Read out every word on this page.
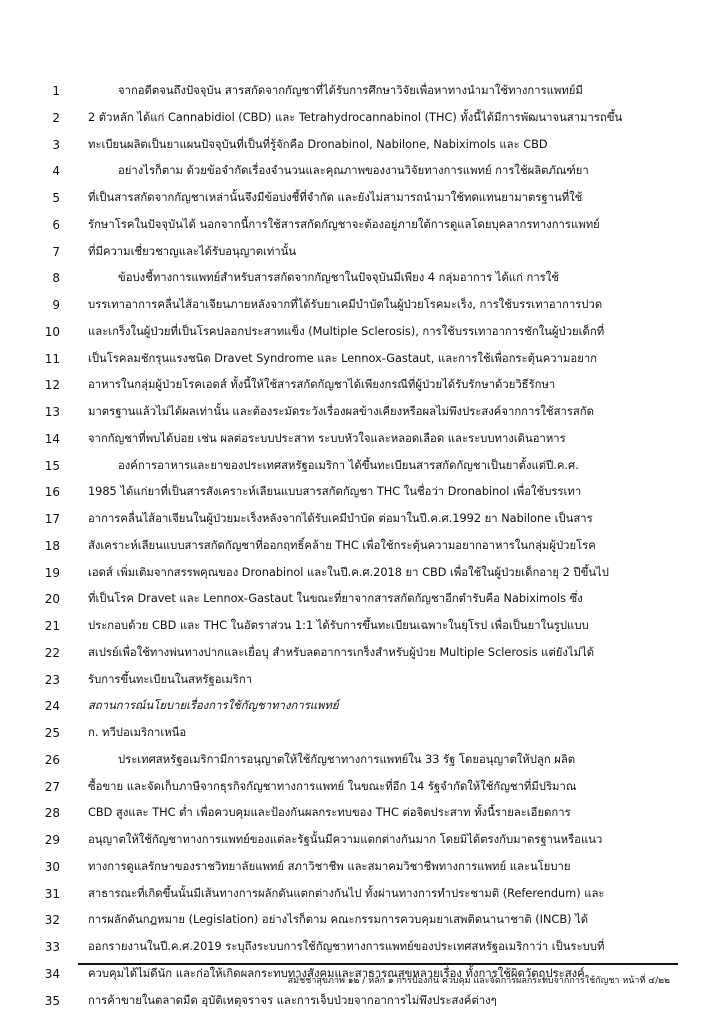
1	จากอดีตจนถึงปัจจุบัน สารสกัดจากกัญชาที่ได้รับการศึกษาวิจัยเพื่อหาทางนำมาใช้ทางการแพทย์มี
2 2 ตัวหลัก ได้แก่ Cannabidiol (CBD) และ Tetrahydrocannabinol (THC) ทั้งนี้ได้มีการพัฒนาจนสามารถขึ้น
3 ทะเบียนผลิตเป็นยาแผนปัจจุบันที่เป็นที่รู้จักคือ Dronabinol, Nabilone, Nabiximols และ CBD
4	อย่างไรก็ตาม ด้วยข้อจำกัดเรื่องจำนวนและคุณภาพของงานวิจัยทางการแพทย์ การใช้ผลิตภัณฑ์ยา
5 ที่เป็นสารสกัดจากกัญชาเหล่านั้นจึงมีข้อบ่งชี้ที่จำกัด และยังไม่สามารถนำมาใช้ทดแทนยามาตรฐานที่ใช้
6 รักษาโรคในปัจจุบันได้ นอกจากนี้การใช้สารสกัดกัญชาจะต้องอยู่ภายใต้การดูแลโดยบุคลากรทางการแพทย์
7 ที่มีความเชี่ยวชาญและได้รับอนุญาตเท่านั้น
8	ข้อบ่งชี้ทางการแพทย์สำหรับสารสกัดจากกัญชาในปัจจุบันมีเพียง 4 กลุ่มอาการ ได้แก่ การใช้
9 บรรเทาอาการคลื่นไส้อาเจียนภายหลังจากที่ได้รับยาเคมีบำบัดในผู้ป่วยโรคมะเร็ง, การใช้บรรเทาอาการปวด
10 และเกร็งในผู้ป่วยที่เป็นโรคปลอกประสาทแข็ง (Multiple Sclerosis), การใช้บรรเทาอาการชักในผู้ป่วยเด็กที่
11 เป็นโรคลมชักรุนแรงชนิด Dravet Syndrome และ Lennox-Gastaut, และการใช้เพื่อกระตุ้นความอยาก
12 อาหารในกลุ่มผู้ป่วยโรคเอดส์ ทั้งนี้ให้ใช้สารสกัดกัญชาได้เพียงกรณีที่ผู้ป่วยได้รับรักษาด้วยวิธีรักษา
13 มาตรฐานแล้วไม่ได้ผลเท่านั้น และต้องระมัดระวังเรื่องผลข้างเคียงหรือผลไม่พึงประสงค์จากการใช้สารสกัด
14 จากกัญชาที่พบได้บ่อย เช่น ผลต่อระบบประสาท ระบบหัวใจและหลอดเลือด และระบบทางเดินอาหาร
15	องค์การอาหารและยาของประเทศสหรัฐอเมริกา ได้ขึ้นทะเบียนสารสกัดกัญชาเป็นยาตั้งแต่ปี.ค.ศ.
16 1985 ได้แก่ยาที่เป็นสารสังเคราะห์เลียนแบบสารสกัดกัญชา THC ในชื่อว่า Dronabinol เพื่อใช้บรรเทา
17 อาการคลื่นไส้อาเจียนในผู้ป่วยมะเร็งหลังจากได้รับเคมีบำบัด ต่อมาในปี.ค.ศ.1992 ยา Nabilone เป็นสาร
18 สังเคราะห์เลียนแบบสารสกัดกัญชาที่ออกฤทธิ์คล้าย THC เพื่อใช้กระตุ้นความอยากอาหารในกลุ่มผู้ป่วยโรค
19 เอดส์ เพิ่มเติมจากสรรพคุณของ Dronabinol และในปี.ค.ศ.2018 ยา CBD เพื่อใช้ในผู้ป่วยเด็กอายุ 2 ปีขึ้นไป
20 ที่เป็นโรค Dravet และ Lennox-Gastaut ในขณะที่ยาจากสารสกัดกัญชาอีกตำรับคือ Nabiximols ซึ่ง
21 ประกอบด้วย CBD และ THC ในอัตราส่วน 1:1 ได้รับการขึ้นทะเบียนเฉพาะในยุโรป เพื่อเป็นยาในรูปแบบ
22 สเปรย์เพื่อใช้ทางพ่นทางปากและเยื่อบุ สำหรับลดอาการเกร็งสำหรับผู้ป่วย Multiple Sclerosis แต่ยังไม่ได้
23 รับการขึ้นทะเบียนในสหรัฐอเมริกา
24 สถานการณ์นโยบายเรื่องการใช้กัญชาทางการแพทย์
25 ก. ทวีปอเมริกาเหนือ
26	ประเทศสหรัฐอเมริกามีการอนุญาตให้ใช้กัญชาทางการแพทย์ใน 33 รัฐ โดยอนุญาตให้ปลูก ผลิต
27 ซื้อขาย และจัดเก็บภาษีจากธุรกิจกัญชาทางการแพทย์ ในขณะที่อีก 14 รัฐจำกัดให้ใช้กัญชาที่มีปริมาณ
28 CBD สูงและ THC ต่ำ เพื่อควบคุมและป้องกันผลกระทบของ THC ต่อจิตประสาท ทั้งนี้รายละเอียดการ
29 อนุญาตให้ใช้กัญชาทางการแพทย์ของแต่ละรัฐนั้นมีความแตกต่างกันมาก โดยมิได้ตรงกับมาตรฐานหรือแนว
30 ทางการดูแลรักษาของราชวิทยาลัยแพทย์ สภาวิชาชีพ และสมาคมวิชาชีพทางการแพทย์ และนโยบาย
31 สาธารณะที่เกิดขึ้นนั้นมีเส้นทางการผลักดันแตกต่างกันไป ทั้งผ่านทางการทำประชามติ (Referendum) และ
32 การผลักดันกฎหมาย (Legislation) อย่างไรก็ตาม คณะกรรมการควบคุมยาเสพติดนานาชาติ (INCB) ได้
33 ออกรายงานในปี.ค.ศ.2019 ระบุถึงระบบการใช้กัญชาทางการแพทย์ของประเทศสหรัฐอเมริกาว่า เป็นระบบที่
34 ควบคุมได้ไม่ดีนัก และก่อให้เกิดผลกระทบทางสังคมและสาธารณสุขหลายเรื่อง ทั้งการใช้ผิดวัตถุประสงค์
35 การค้าขายในตลาดมืด อุบัติเหตุจราจร และการเจ็บป่วยจากอาการไม่พึงประสงค์ต่างๆ
สมัชชาสุขภาพ ๑๒ / หลัก ๑ การป้องกัน ควบคุม และจัดการผลกระทบจากการใช้กัญชา หน้าที่ ๔/๒๒
